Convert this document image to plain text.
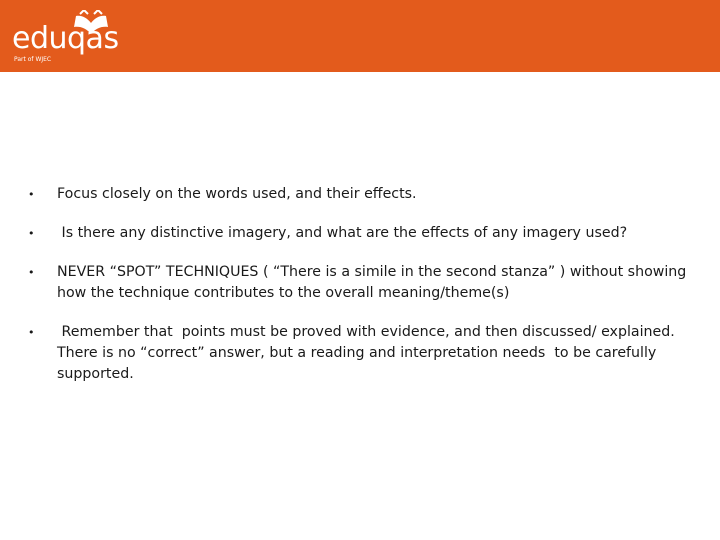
eduqas
Part of WJEC
• Focus closely on the words used, and their effects.
• Is there any distinctive imagery, and what are the effects of any imagery used?
• NEVER “SPOT” TECHNIQUES ( “There is a simile in the second stanza” ) without showing how the technique contributes to the overall meaning/theme(s)
• Remember that  points must be proved with evidence, and then discussed/ explained. There is no “correct” answer, but a reading and interpretation needs  to be carefully supported.
